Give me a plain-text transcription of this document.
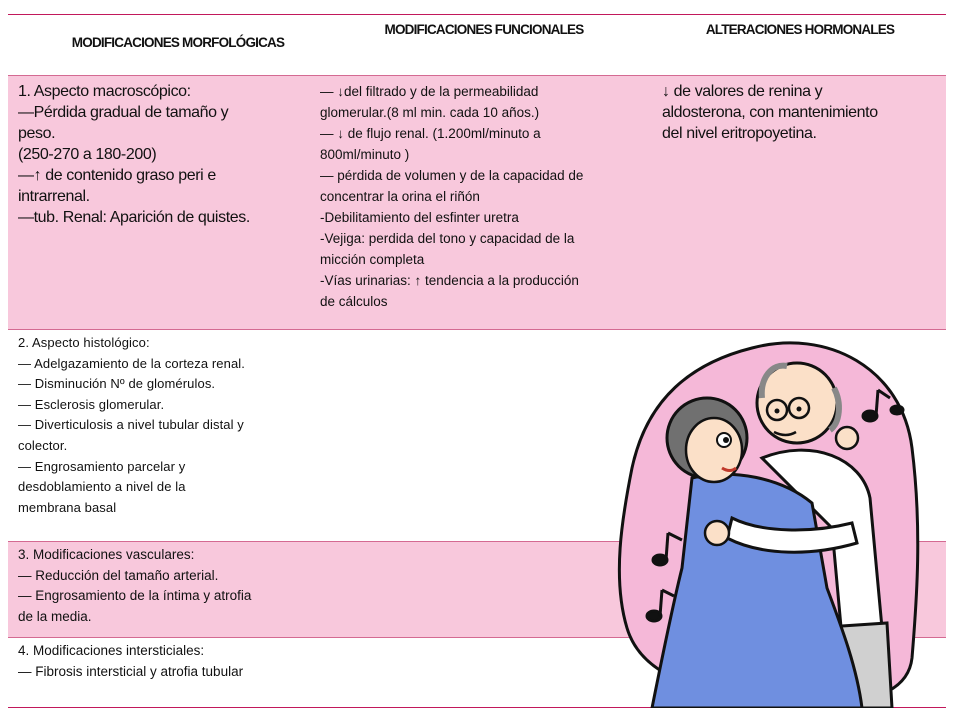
MODIFICACIONES MORFOLÓGICAS
MODIFICACIONES FUNCIONALES	ALTERACIONES HORMONALES

1. Aspecto macroscópico:

—Pérdida gradual de tamaño y

peso.

(250-270 a 180-200)

—↑ de contenido graso peri e

intrarrenal.

—tub. Renal: Aparición de quistes.

— ↓del filtrado y de la permeabilidad

glomerular.(8 ml min. cada 10 años.)

— ↓ de flujo renal. (1.200ml/minuto a

800ml/minuto )

— pérdida de volumen y de la capacidad de

concentrar la orina el riñón

-Debilitamiento del esfinter uretra

-Vejiga: perdida del tono y capacidad de la

micción completa

-Vías urinarias: ↑ tendencia a la producción

de cálculos

↓ de valores de renina y

aldosterona, con mantenimiento

del nivel eritropoyetina.

2. Aspecto histológico:

— Adelgazamiento de la corteza renal.

— Disminución Nº de glomérulos.

— Esclerosis glomerular.

— Diverticulosis a nivel tubular distal y

colector.

— Engrosamiento parcelar y

desdoblamiento a nivel de la

membrana basal

3. Modificaciones vasculares:

— Reducción del tamaño arterial.

— Engrosamiento de la íntima y atrofia

de la media.

4. Modificaciones intersticiales:

— Fibrosis intersticial y atrofia tubular
